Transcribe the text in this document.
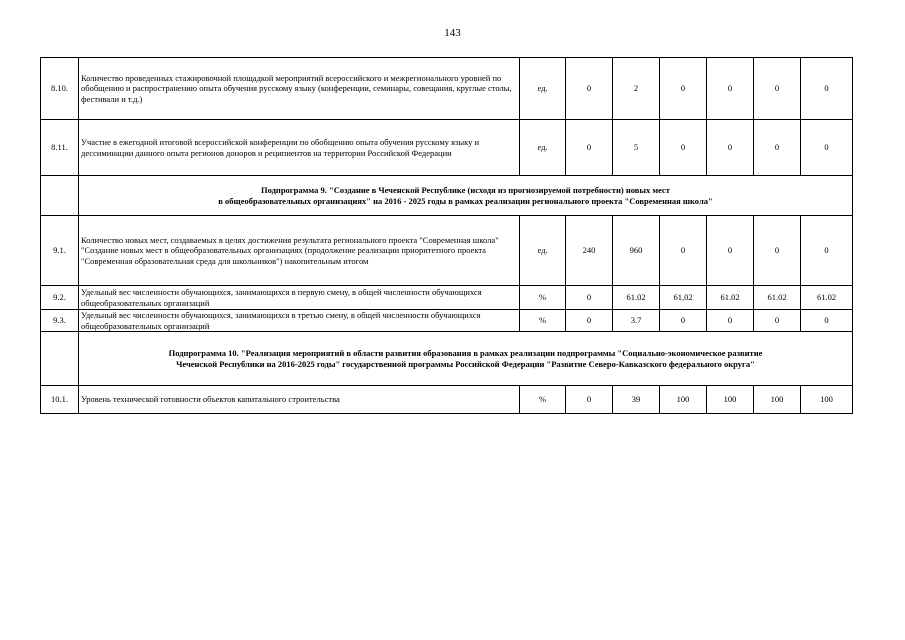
143
8.10.	Количество проведенных стажировочной площадкой мероприятий всероссийского и межрегионального уровней по обобщению и распространению опыта обучения русскому языку (конференции, семинары, совещания, круглые столы, фестивали и т.д.)	ед.	0	2	0	0	0	0
8.11.	Участие в ежегодной итоговой всероссийской конференции по обобщению опыта обучения русскому языку и дессиминации данного опыта регионов доноров и реципиентов на территории Российской Федерации	ед.	0	5	0	0	0	0

	Подпрограмма 9. "Создание в Чеченской Республике (исходя из прогнозируемой потребности) новых мест
в общеобразовательных организациях" на 2016 - 2025 годы в рамках реализации регионального проекта "Современная школа"							

9.1.	Количество новых мест, создаваемых в целях достижения результата регионального проекта "Современная школа" "Создание новых мест в общеобразовательных организациях (продолжение реализации приоритетного проекта "Современная образовательная среда для школьников") накопительным итогом	ед.	240	960	0	0	0	0
9.2.	Удельный вес численности обучающихся, занимающихся в первую смену, в общей численности обучающихся общеобразовательных организаций	%	0	61.02	61,02	61.02	61.02	61.02
9.3.	Удельный вес численности обучающихся, занимающихся в третью смену, в общей численности обучающихся общеобразовательных организаций	%	0	3.7	0	0	0	0

	Подпрограмма 10. "Реализация мероприятий в области развития образования в рамках реализации подпрограммы "Социально-экономическое развитие
Чеченской Республики на 2016-2025 годы" государственной программы Российской Федерации "Развитие Северо-Кавказского федерального округа"							

10.1.	Уровень технической готовности объектов капитального строительства	%	0	39	100	100	100	100
